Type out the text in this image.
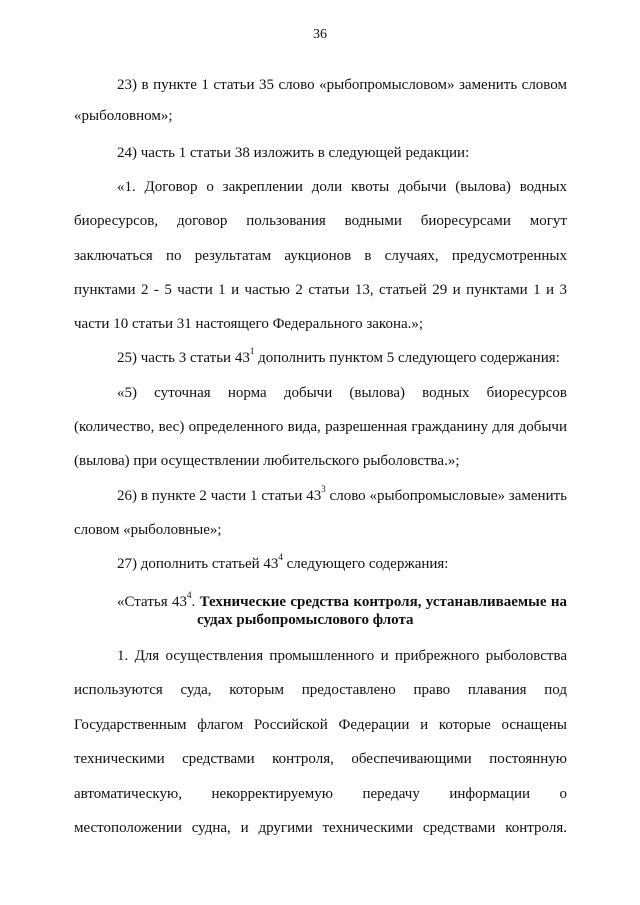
36
23) в пункте 1 статьи 35 слово «рыбопромысловом» заменить словом
«рыболовном»;
24) часть 1 статьи 38 изложить в следующей редакции:
«1. Договор о закреплении доли квоты добычи (вылова) водных
биоресурсов, договор пользования водными биоресурсами могут
заключаться по результатам аукционов в случаях, предусмотренных
пунктами 2 - 5 части 1 и частью 2 статьи 13, статьей 29 и пунктами 1 и 3
части 10 статьи 31 настоящего Федерального закона.»;
25) часть 3 статьи $43^1$ дополнить пунктом 5 следующего содержания:
«5) суточная норма добычи (вылова) водных биоресурсов
(количество, вес) определенного вида, разрешенная гражданину для добычи
(вылова) при осуществлении любительского рыболовства.»;
26) в пункте 2 части 1 статьи $43^3$ слово «рыбопромысловые» заменить
словом «рыболовные»;
27) дополнить статьей $43^4$ следующего содержания:
«Статья $43^4$. Технические средства контроля, устанавливаемые на
судах рыбопромыслового флота
1. Для осуществления промышленного и прибрежного рыболовства
используются суда, которым предоставлено право плавания под
Государственным флагом Российской Федерации и которые оснащены
техническими средствами контроля, обеспечивающими постоянную
автоматическую, некорректируемую передачу информации о
местоположении судна, и другими техническими средствами контроля.
